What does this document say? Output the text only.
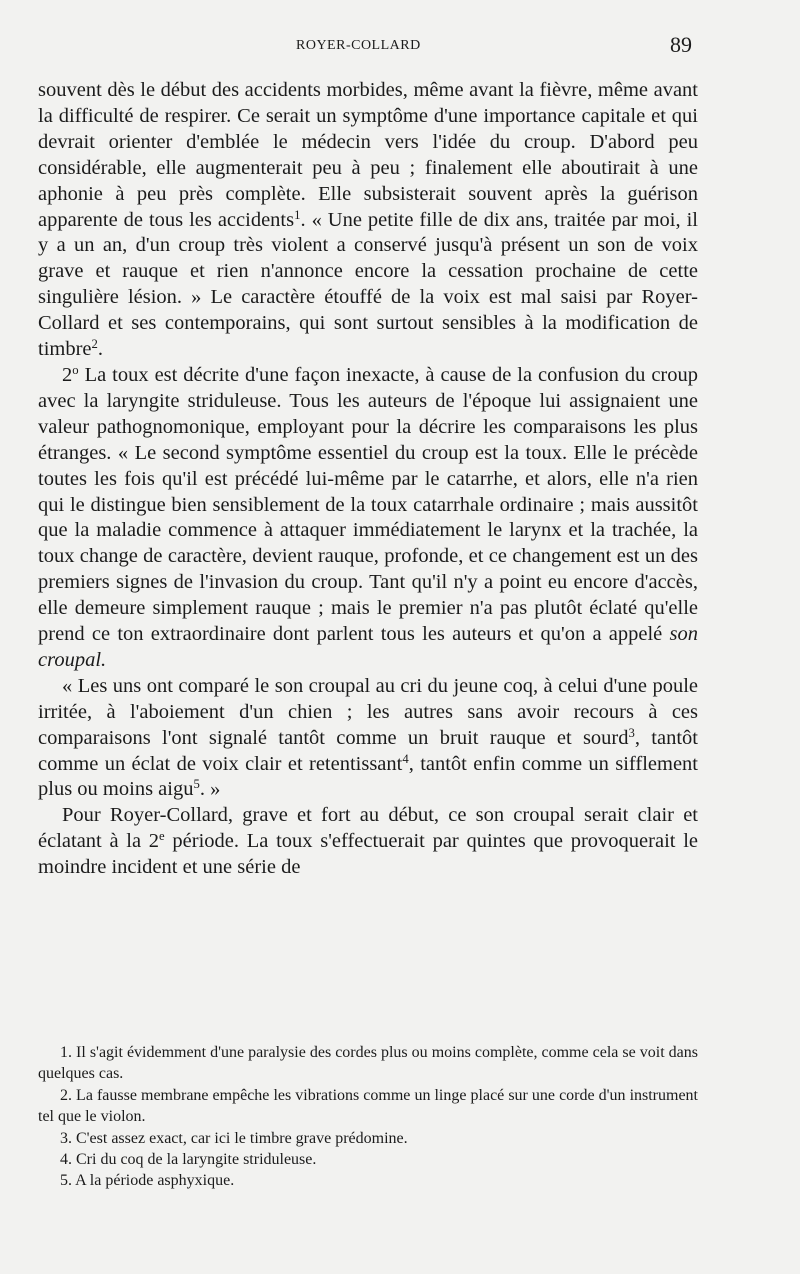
ROYER-COLLARD	89

souvent dès le début des accidents morbides, même avant la fièvre, même avant la difficulté de respirer. Ce serait un symptôme d'une importance capitale et qui devrait orienter d'emblée le médecin vers l'idée du croup. D'abord peu considérable, elle augmenterait peu à peu ; finalement elle aboutirait à une aphonie à peu près complète. Elle subsisterait souvent après la guérison apparente de tous les accidents$^1$. « Une petite fille de dix ans, traitée par moi, il y a un an, d'un croup très violent a conservé jusqu'à présent un son de voix grave et rauque et rien n'annonce encore la cessation prochaine de cette singulière lésion. » Le caractère étouffé de la voix est mal saisi par Royer-Collard et ses contemporains, qui sont surtout sensibles à la modification de timbre$^2$.

2$^o$ La toux est décrite d'une façon inexacte, à cause de la confusion du croup avec la laryngite striduleuse. Tous les auteurs de l'époque lui assignaient une valeur pathognomonique, employant pour la décrire les comparaisons les plus étranges. « Le second symptôme essentiel du croup est la toux. Elle le précède toutes les fois qu'il est précédé lui-même par le catarrhe, et alors, elle n'a rien qui le distingue bien sensiblement de la toux catarrhale ordinaire ; mais aussitôt que la maladie commence à attaquer immédiatement le larynx et la trachée, la toux change de caractère, devient rauque, profonde, et ce changement est un des premiers signes de l'invasion du croup. Tant qu'il n'y a point eu encore d'accès, elle demeure simplement rauque ; mais le premier n'a pas plutôt éclaté qu'elle prend ce ton extraordinaire dont parlent tous les auteurs et qu'on a appelé son croupal.

« Les uns ont comparé le son croupal au cri du jeune coq, à celui d'une poule irritée, à l'aboiement d'un chien ; les autres sans avoir recours à ces comparaisons l'ont signalé tantôt comme un bruit rauque et sourd$^3$, tantôt comme un éclat de voix clair et retentissant$^4$, tantôt enfin comme un sifflement plus ou moins aigu$^5$. »

Pour Royer-Collard, grave et fort au début, ce son croupal serait clair et éclatant à la 2e période. La toux s'effectuerait par quintes que provoquerait le moindre incident et une série de

1. Il s'agit évidemment d'une paralysie des cordes plus ou moins complète, comme cela se voit dans quelques cas.

2. La fausse membrane empêche les vibrations comme un linge placé sur une corde d'un instrument tel que le violon.

3. C'est assez exact, car ici le timbre grave prédomine.

4. Cri du coq de la laryngite striduleuse.

5. A la période asphyxique.
